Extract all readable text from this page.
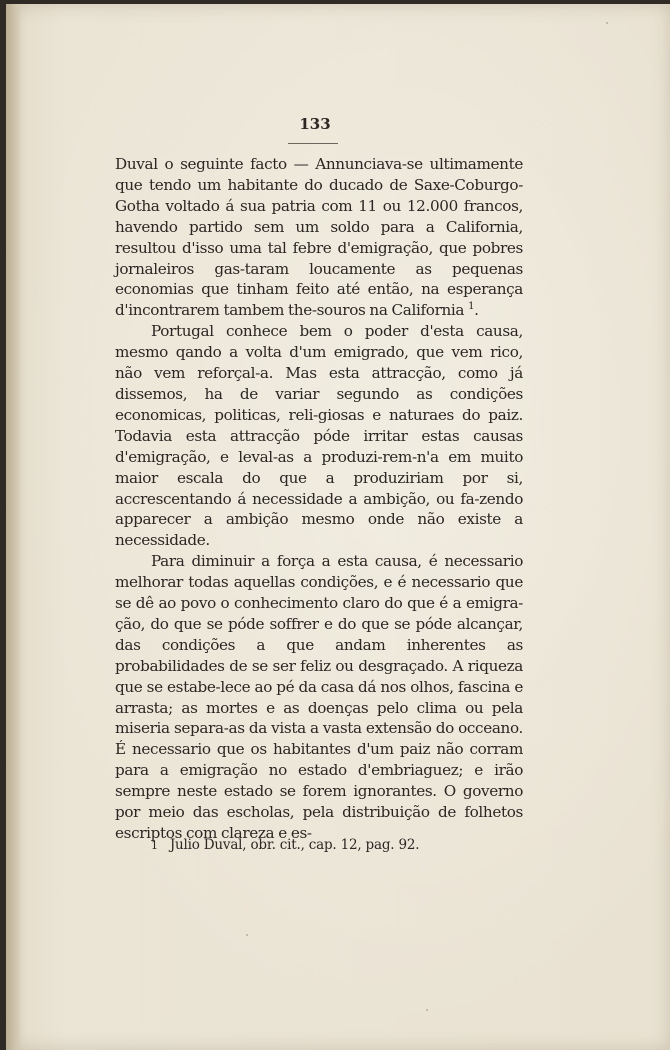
133

Duval o seguinte facto — Annunciava-se ultimamente que tendo um habitante do ducado de Saxe-Coburgo-Gotha voltado á sua patria com 11 ou 12.000 francos, havendo partido sem um soldo para a California, resultou d'isso uma tal febre d'emigração, que pobres jornaleiros gas-taram loucamente as pequenas economias que tinham feito até então, na esperança d'incontrarem tambem the-souros na California $^1$.

Portugal conhece bem o poder d'esta causa, mesmo qando a volta d'um emigrado, que vem rico, não vem reforçal-a. Mas esta attracção, como já dissemos, ha de variar segundo as condições economicas, politicas, reli-giosas e naturaes do paiz. Todavia esta attracção póde irritar estas causas d'emigração, e leval-as a produzi-rem-n'a em muito maior escala do que a produziriam por si, accrescentando á necessidade a ambição, ou fa-zendo apparecer a ambição mesmo onde não existe a necessidade.

Para diminuir a força a esta causa, é necessario melhorar todas aquellas condições, e é necessario que se dê ao povo o conhecimento claro do que é a emigra-ção, do que se póde soffrer e do que se póde alcançar, das condições a que andam inherentes as probabilidades de se ser feliz ou desgraçado. A riqueza que se estabe-lece ao pé da casa dá nos olhos, fascina e arrasta; as mortes e as doenças pelo clima ou pela miseria separa-as da vista a vasta extensão do occeano. É necessario que os habitantes d'um paiz não corram para a emigração no estado d'embriaguez; e irão sempre neste estado se forem ignorantes. O governo por meio das escholas, pela distribuição de folhetos escriptos com clareza e es-

1 Julio Duval, obr. cit., cap. 12, pag. 92.
